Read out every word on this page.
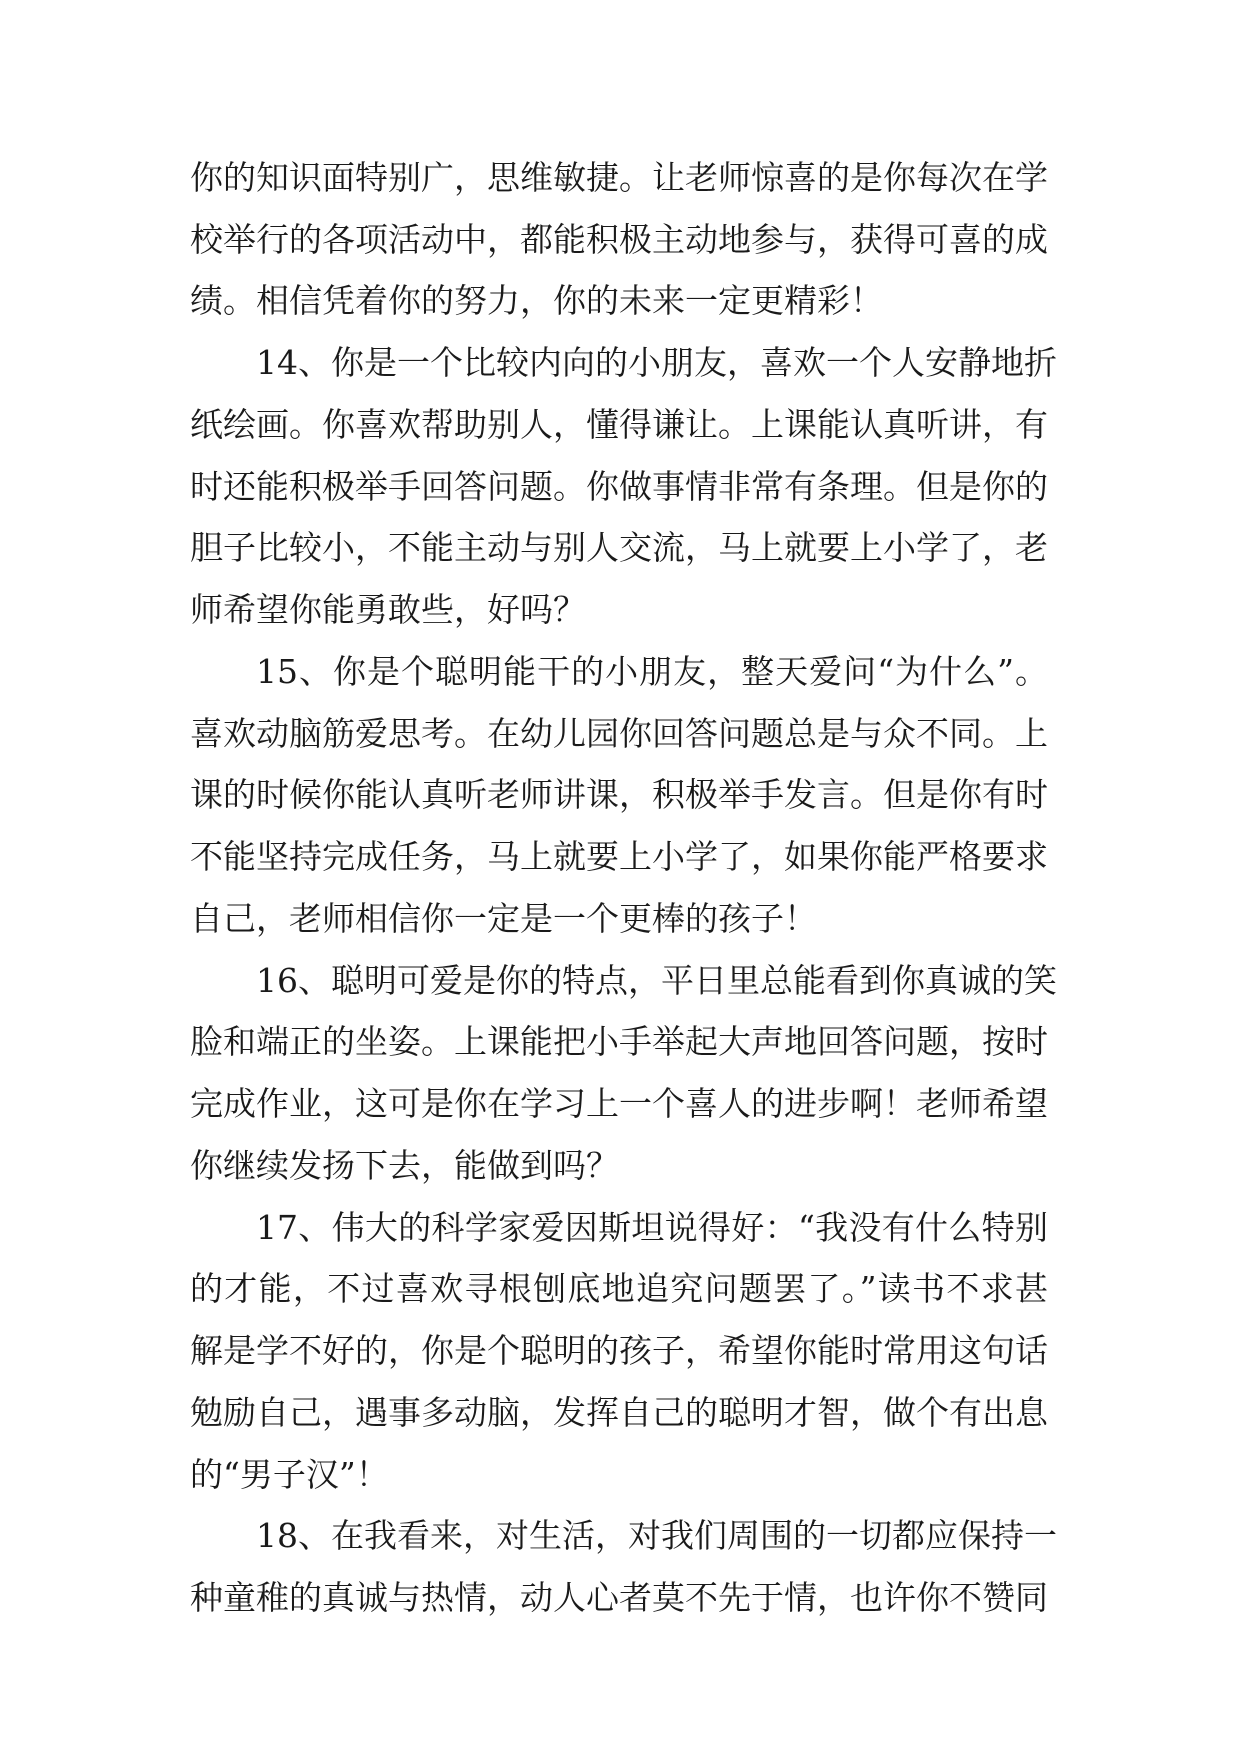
你的知识面特别广，思维敏捷。让老师惊喜的是你每次在学
校举行的各项活动中，都能积极主动地参与，获得可喜的成
绩。相信凭着你的努力，你的未来一定更精彩！
14、你是一个比较内向的小朋友，喜欢一个人安静地折
纸绘画。你喜欢帮助别人，懂得谦让。上课能认真听讲，有
时还能积极举手回答问题。你做事情非常有条理。但是你的
胆子比较小，不能主动与别人交流，马上就要上小学了，老
师希望你能勇敢些，好吗？
15、你是个聪明能干的小朋友，整天爱问“为什么”。
喜欢动脑筋爱思考。在幼儿园你回答问题总是与众不同。上
课的时候你能认真听老师讲课，积极举手发言。但是你有时
不能坚持完成任务，马上就要上小学了，如果你能严格要求
自己，老师相信你一定是一个更棒的孩子！
16、聪明可爱是你的特点，平日里总能看到你真诚的笑
脸和端正的坐姿。上课能把小手举起大声地回答问题，按时
完成作业，这可是你在学习上一个喜人的进步啊！老师希望
你继续发扬下去，能做到吗？
17、伟大的科学家爱因斯坦说得好：“我没有什么特别
的才能，不过喜欢寻根刨底地追究问题罢了。”读书不求甚
解是学不好的，你是个聪明的孩子，希望你能时常用这句话
勉励自己，遇事多动脑，发挥自己的聪明才智，做个有出息
的“男子汉”！
18、在我看来，对生活，对我们周围的一切都应保持一
种童稚的真诚与热情，动人心者莫不先于情，也许你不赞同
